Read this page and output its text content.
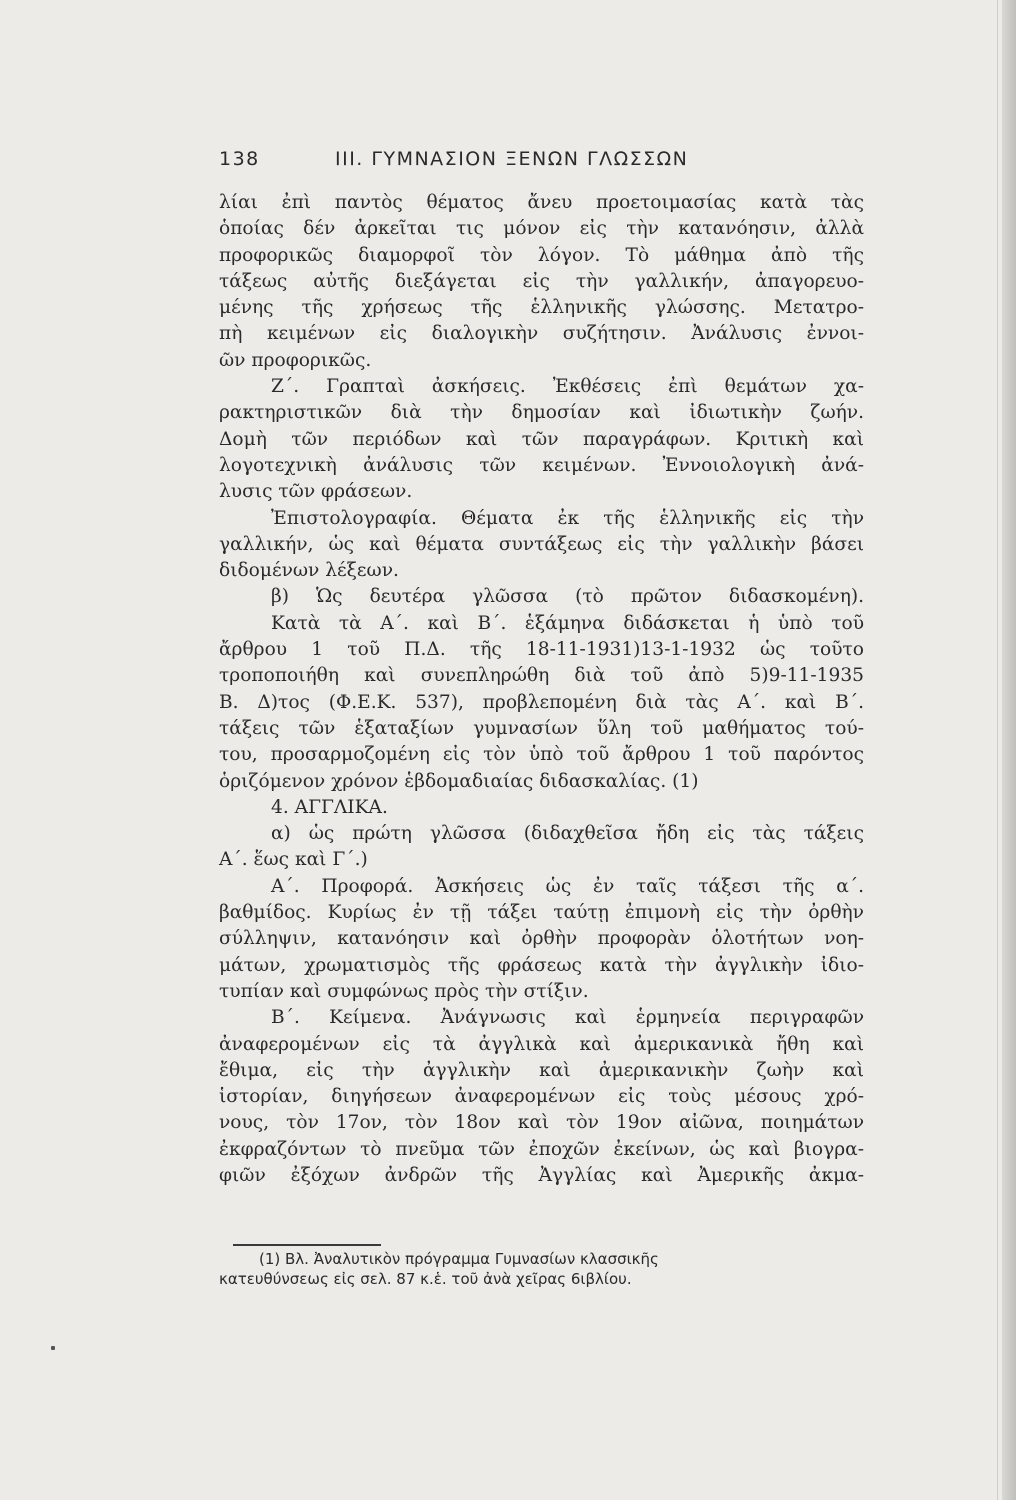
138	ΙΙΙ. ΓΥΜΝΑΣΙΟΝ ΞΕΝΩΝ ΓΛΩΣΣΩΝ
λίαι ἐπὶ παντὸς θέματος ἄνευ προετοιμασίας κατὰ τὰς
ὁποίας δέν ἀρκεῖται τις μόνον εἰς τὴν κατανόησιν, ἀλλὰ
προφορικῶς διαμορφοῖ τὸν λόγον. Τὸ μάθημα ἀπὸ τῆς
τάξεως αὐτῆς διεξάγεται εἰς τὴν γαλλικήν, ἀπαγορευο-
μένης τῆς χρήσεως τῆς ἑλληνικῆς γλώσσης. Μετατρο-
πὴ κειμένων εἰς διαλογικὴν συζήτησιν. Ἀνάλυσις ἐννοι-
ῶν προφορικῶς.
Ζ΄. Γραπταὶ ἀσκήσεις. Ἐκθέσεις ἐπὶ θεμάτων χα-
ρακτηριστικῶν διὰ τὴν δημοσίαν καὶ ἰδιωτικὴν ζωήν.
Δομὴ τῶν περιόδων καὶ τῶν παραγράφων. Κριτικὴ καὶ
λογοτεχνικὴ ἀνάλυσις τῶν κειμένων. Ἐννοιολογικὴ ἀνά-
λυσις τῶν φράσεων.
Ἐπιστολογραφία. Θέματα ἐκ τῆς ἑλληνικῆς εἰς τὴν
γαλλικήν, ὡς καὶ θέματα συντάξεως εἰς τὴν γαλλικὴν βάσει
διδομένων λέξεων.
β) Ὡς δευτέρα γλῶσσα (τὸ πρῶτον διδασκομένη).
Κατὰ τὰ Α΄. καὶ Β΄. ἑξάμηνα διδάσκεται ἡ ὑπὸ τοῦ
ἄρθρου 1 τοῦ Π.Δ. τῆς 18-11-1931)13-1-1932 ὡς τοῦτο
τροποποιήθη καὶ συνεπληρώθη διὰ τοῦ ἀπὸ 5)9-11-1935
Β. Δ)τος (Φ.Ε.Κ. 537), προβλεπομένη διὰ τὰς Α΄. καὶ Β΄.
τάξεις τῶν ἑξαταξίων γυμνασίων ὕλη τοῦ μαθήματος τού-
του, προσαρμοζομένη εἰς τὸν ὑπὸ τοῦ ἄρθρου 1 τοῦ παρόντος
ὁριζόμενον χρόνον ἑβδομαδιαίας διδασκαλίας. (1)
4. ΑΓΓΛΙΚΑ.
α) ὡς πρώτη γλῶσσα (διδαχθεῖσα ἤδη εἰς τὰς τάξεις
Α΄. ἕως καὶ Γ΄.)
Α΄. Προφορά. Ἀσκήσεις ὡς ἐν ταῖς τάξεσι τῆς α΄.
βαθμίδος. Κυρίως ἐν τῇ τάξει ταύτῃ ἐπιμονὴ εἰς τὴν ὀρθὴν
σύλληψιν, κατανόησιν καὶ ὀρθὴν προφορὰν ὁλοτήτων νοη-
μάτων, χρωματισμὸς τῆς φράσεως κατὰ τὴν ἀγγλικὴν ἰδιο-
τυπίαν καὶ συμφώνως πρὸς τὴν στίξιν.
Β΄. Κείμενα. Ἀνάγνωσις καὶ ἑρμηνεία περιγραφῶν
ἀναφερομένων εἰς τὰ ἀγγλικὰ καὶ ἀμερικανικὰ ἤθη καὶ
ἔθιμα, εἰς τὴν ἀγγλικὴν καὶ ἀμερικανικὴν ζωὴν καὶ
ἱστορίαν, διηγήσεων ἀναφερομένων εἰς τοὺς μέσους χρό-
νους, τὸν 17ον, τὸν 18ον καὶ τὸν 19ον αἰῶνα, ποιημάτων
ἐκφραζόντων τὸ πνεῦμα τῶν ἐποχῶν ἐκείνων, ὡς καὶ βιογρα-
φιῶν ἐξόχων ἀνδρῶν τῆς Ἀγγλίας καὶ Ἀμερικῆς ἀκμα-
(1) Βλ. Ἀναλυτικὸν πρόγραμμα Γυμνασίων κλασσικῆς
κατευθύνσεως εἰς σελ. 87 κ.ἑ. τοῦ ἀνὰ χεῖρας 6ιβλίου.
